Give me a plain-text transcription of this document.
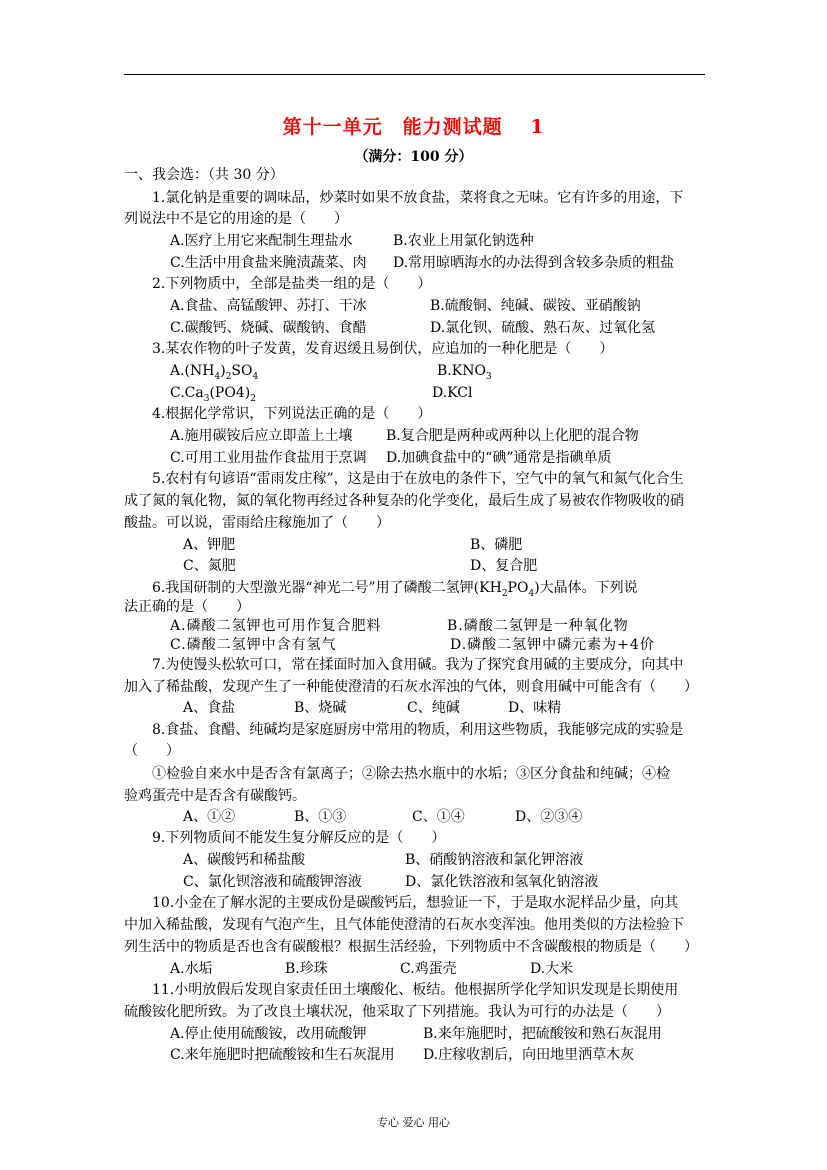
第十一单元　能力测试题　 1
（满分：100 分）
一、我会选：（共 30 分）
1.氯化钠是重要的调味品，炒菜时如果不放食盐，菜将食之无味。它有许多的用途，下
列说法中不是它的用途的是（　　）
A.医疗上用它来配制生理盐水	B.农业上用氯化钠选种
C.生活中用食盐来腌渍蔬菜、肉 D.常用晾晒海水的办法得到含较多杂质的粗盐
2.下列物质中，全部是盐类一组的是（　　）
A.食盐、高锰酸钾、苏打、干冰	B.硫酸铜、纯碱、碳铵、亚硝酸钠
C.碳酸钙、烧碱、碳酸钠、食醋	D.氯化钡、硫酸、熟石灰、过氧化氢
3.某农作物的叶子发黄，发育迟缓且易倒伏，应追加的一种化肥是（　　）
$A.(NH_4)_2SO_4$	$B.KNO_3$
$C.Ca_3(PO4)_2$	D.KCl
4.根据化学常识，下列说法正确的是（　　）
A.施用碳铵后应立即盖上土壤 B.复合肥是两种或两种以上化肥的混合物
C.可用工业用盐作食盐用于烹调 D.加碘食盐中的“碘”通常是指碘单质
5.农村有句谚语“雷雨发庄稼”，这是由于在放电的条件下，空气中的氧气和氮气化合生
成了氮的氧化物，氮的氧化物再经过各种复杂的化学变化，最后生成了易被农作物吸收的硝
酸盐。可以说，雷雨给庄稼施加了（　　）
A、钾肥	B、磷肥
C、氮肥	D、复合肥
6.我国研制的大型激光器“神光二号”用了磷酸二氢钾$(KH_2PO_4)$大晶体。下列说
法正确的是（　　）
A.磷酸二氢钾也可用作复合肥料	B.磷酸二氢钾是一种氧化物
C.磷酸二氢钾中含有氢气	D.磷酸二氢钾中磷元素为+4价
7.为使馒头松软可口，常在揉面时加入食用碱。我为了探究食用碱的主要成分，向其中
加入了稀盐酸，发现产生了一种能使澄清的石灰水浑浊的气体，则食用碱中可能含有（　　）
A、食盐	B、烧碱	C、纯碱	D、味精
8.食盐、食醋、纯碱均是家庭厨房中常用的物质，利用这些物质，我能够完成的实验是
（　　）
①检验自来水中是否含有氯离子；②除去热水瓶中的水垢；③区分食盐和纯碱；④检
验鸡蛋壳中是否含有碳酸钙。
A、①②	B、①③	C、①④	D、②③④
9.下列物质间不能发生复分解反应的是（　　）
A、碳酸钙和稀盐酸	B、硝酸钠溶液和氯化钾溶液
C、氯化钡溶液和硫酸钾溶液	D、氯化铁溶液和氢氧化钠溶液
10.小金在了解水泥的主要成份是碳酸钙后，想验证一下，于是取水泥样品少量，向其
中加入稀盐酸，发现有气泡产生，且气体能使澄清的石灰水变浑浊。他用类似的方法检验下
列生活中的物质是否也含有碳酸根？根据生活经验，下列物质中不含碳酸根的物质是（　　）
A.水垢	B.珍珠	C.鸡蛋壳	D.大米
11.小明放假后发现自家责任田土壤酸化、板结。他根据所学化学知识发现是长期使用
硫酸铵化肥所致。为了改良土壤状况，他采取了下列措施。我认为可行的办法是（　　）
A.停止使用硫酸铵，改用硫酸钾	B.来年施肥时，把硫酸铵和熟石灰混用
C.来年施肥时把硫酸铵和生石灰混用 D.庄稼收割后，向田地里洒草木灰
专心 爱心 用心
